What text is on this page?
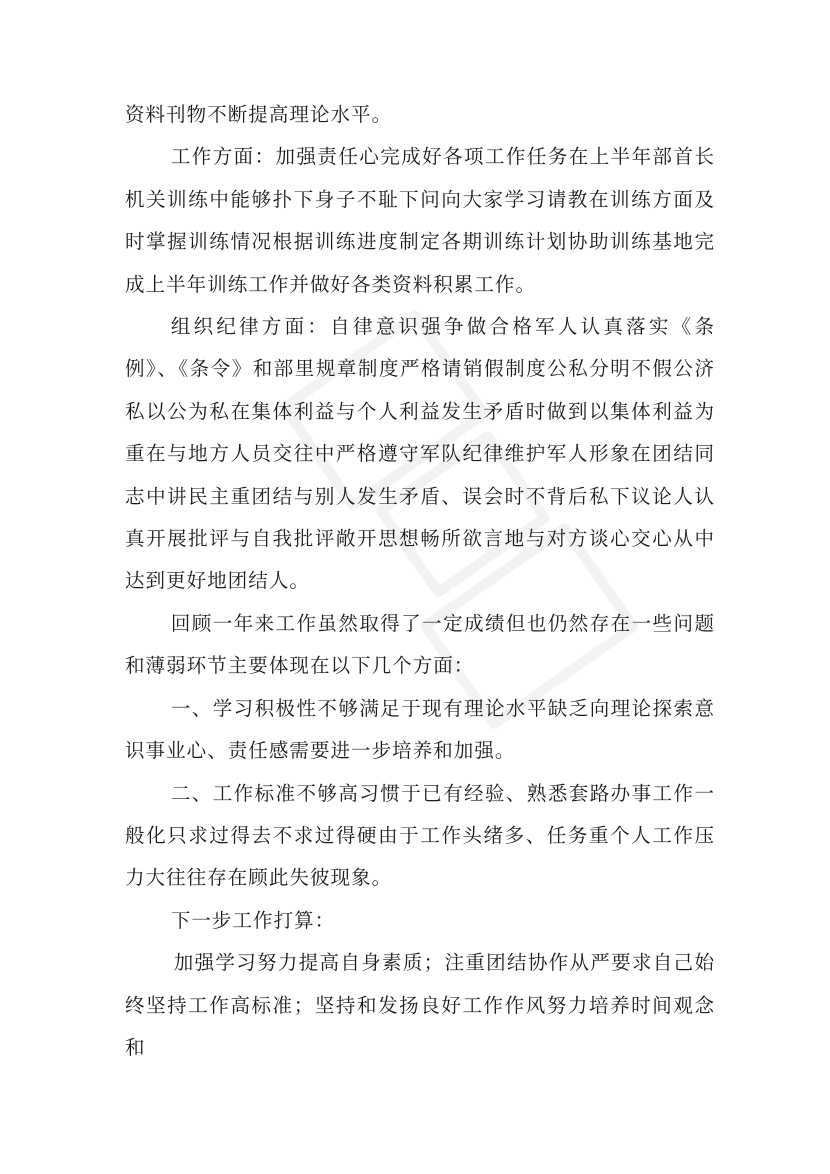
资料刊物不断提高理论水平。

工作方面：加强责任心完成好各项工作任务在上半年部首长机关训练中能够扑下身子不耻下问向大家学习请教在训练方面及时掌握训练情况根据训练进度制定各期训练计划协助训练基地完成上半年训练工作并做好各类资料积累工作。

组织纪律方面：自律意识强争做合格军人认真落实《条例》、《条令》和部里规章制度严格请销假制度公私分明不假公济私以公为私在集体利益与个人利益发生矛盾时做到以集体利益为重在与地方人员交往中严格遵守军队纪律维护军人形象在团结同志中讲民主重团结与别人发生矛盾、误会时不背后私下议论人认真开展批评与自我批评敞开思想畅所欲言地与对方谈心交心从中达到更好地团结人。

回顾一年来工作虽然取得了一定成绩但也仍然存在一些问题和薄弱环节主要体现在以下几个方面：

一、学习积极性不够满足于现有理论水平缺乏向理论探索意识事业心、责任感需要进一步培养和加强。

二、工作标准不够高习惯于已有经验、熟悉套路办事工作一般化只求过得去不求过得硬由于工作头绪多、任务重个人工作压力大往往存在顾此失彼现象。

下一步工作打算：

加强学习努力提高自身素质；注重团结协作从严要求自己始终坚持工作高标准；坚持和发扬良好工作作风努力培养时间观念和
